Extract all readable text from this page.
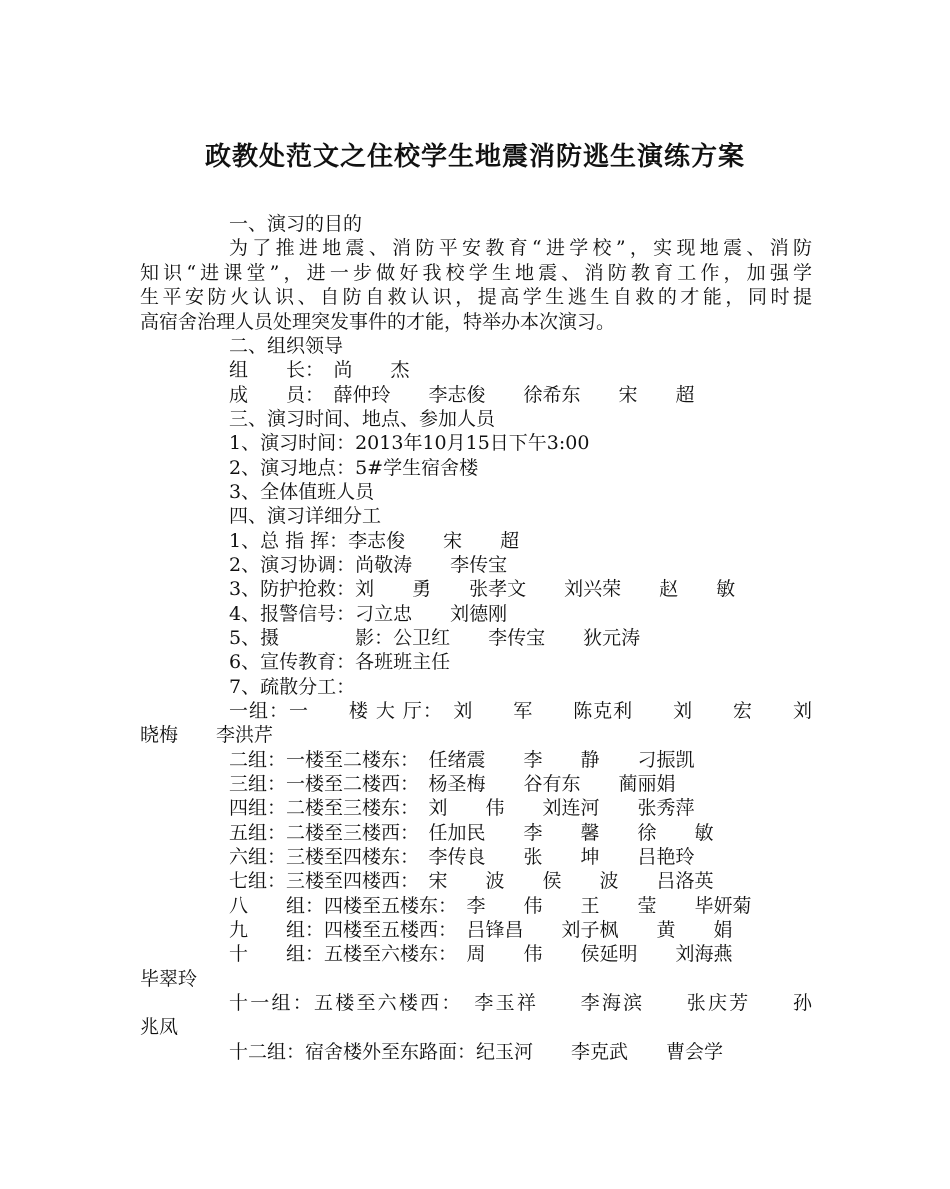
政教处范文之住校学生地震消防逃生演练方案
一、演习的目的
为了推进地震、消防平安教育“进学校”，实现地震、消防
知识“进课堂”，进一步做好我校学生地震、消防教育工作，加强学
生平安防火认识、自防自救认识，提高学生逃生自救的才能，同时提
高宿舍治理人员处理突发事件的才能，特举办本次演习。
二、组织领导
组　　长：　尚　　杰
成　　员：　薛仲玲　　李志俊　　徐希东　　宋　　超
三、演习时间、地点、参加人员
1、演习时间：2013年10月15日下午3:00
2、演习地点：5#学生宿舍楼
3、全体值班人员
四、演习详细分工
1、总 指 挥：李志俊　　宋　　超
2、演习协调：尚敬涛　　李传宝
3、防护抢救：刘　　勇　　张孝文　　刘兴荣　　赵　　敏
4、报警信号：刁立忠　　刘德刚
5、摄　　　　影：公卫红　　李传宝　　狄元涛
6、宣传教育：各班班主任
7、疏散分工：
一组：一　　楼 大 厅：　刘　　军　　陈克利　　刘　　宏　　刘
晓梅　　李洪芹
二组：一楼至二楼东：　任绪震　　李　　静　　刁振凯
三组：一楼至二楼西：　杨圣梅　　谷有东　　蔺丽娟
四组：二楼至三楼东：　刘　　伟　　刘连河　　张秀萍
五组：二楼至三楼西：　任加民　　李　　馨　　徐　　敏
六组：三楼至四楼东：　李传良　　张　　坤　　吕艳玲
七组：三楼至四楼西：　宋　　波　　侯　　波　　吕洛英
八　　组：四楼至五楼东：　李　　伟　　王　　莹　　毕妍菊
九　　组：四楼至五楼西：　吕锋昌　　刘子枫　　黄　　娟
十　　组：五楼至六楼东：　周　　伟　　侯延明　　刘海燕
毕翠玲
十一组：五楼至六楼西：　李玉祥　　李海滨　　张庆芳　　孙
兆凤
十二组：宿舍楼外至东路面：纪玉河　　李克武　　曹会学
